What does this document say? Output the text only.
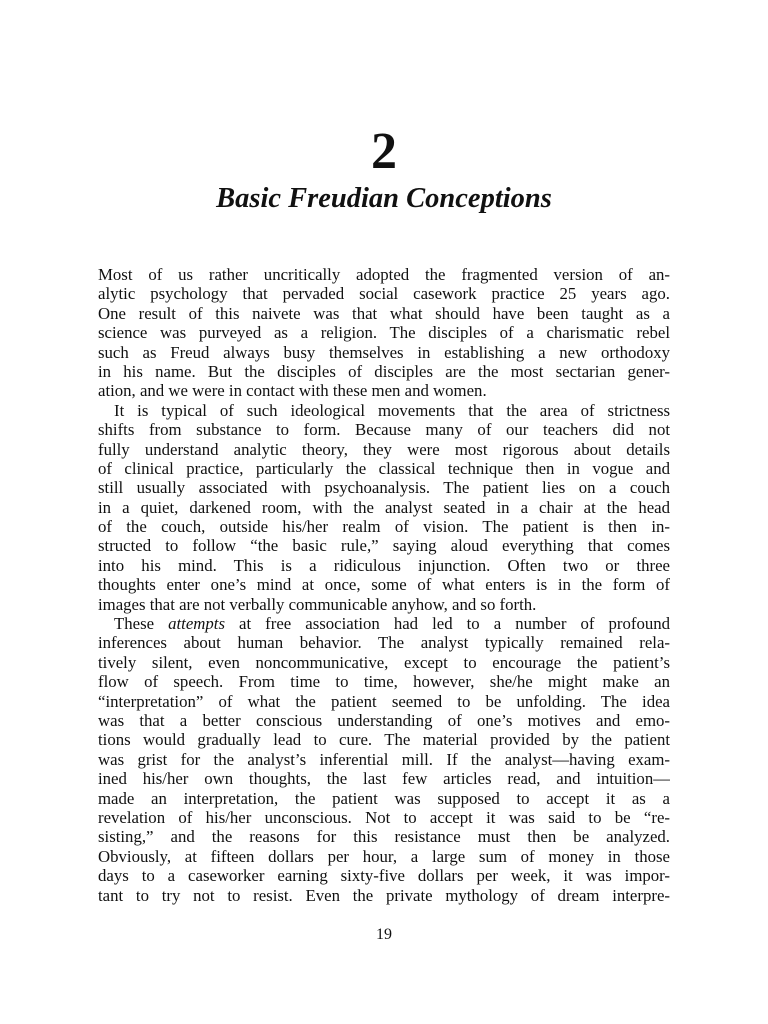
2
Basic Freudian Conceptions
Most of us rather uncritically adopted the fragmented version of an-
alytic psychology that pervaded social casework practice 25 years ago.
One result of this naivete was that what should have been taught as a
science was purveyed as a religion. The disciples of a charismatic rebel
such as Freud always busy themselves in establishing a new orthodoxy
in his name. But the disciples of disciples are the most sectarian gener-
ation, and we were in contact with these men and women.
It is typical of such ideological movements that the area of strictness
shifts from substance to form. Because many of our teachers did not
fully understand analytic theory, they were most rigorous about details
of clinical practice, particularly the classical technique then in vogue and
still usually associated with psychoanalysis. The patient lies on a couch
in a quiet, darkened room, with the analyst seated in a chair at the head
of the couch, outside his/her realm of vision. The patient is then in-
structed to follow “the basic rule,” saying aloud everything that comes
into his mind. This is a ridiculous injunction. Often two or three
thoughts enter one’s mind at once, some of what enters is in the form of
images that are not verbally communicable anyhow, and so forth.
These attempts at free association had led to a number of profound
inferences about human behavior. The analyst typically remained rela-
tively silent, even noncommunicative, except to encourage the patient’s
flow of speech. From time to time, however, she/he might make an
“interpretation” of what the patient seemed to be unfolding. The idea
was that a better conscious understanding of one’s motives and emo-
tions would gradually lead to cure. The material provided by the patient
was grist for the analyst’s inferential mill. If the analyst—having exam-
ined his/her own thoughts, the last few articles read, and intuition—
made an interpretation, the patient was supposed to accept it as a
revelation of his/her unconscious. Not to accept it was said to be “re-
sisting,” and the reasons for this resistance must then be analyzed.
Obviously, at fifteen dollars per hour, a large sum of money in those
days to a caseworker earning sixty-five dollars per week, it was impor-
tant to try not to resist. Even the private mythology of dream interpre-
19
